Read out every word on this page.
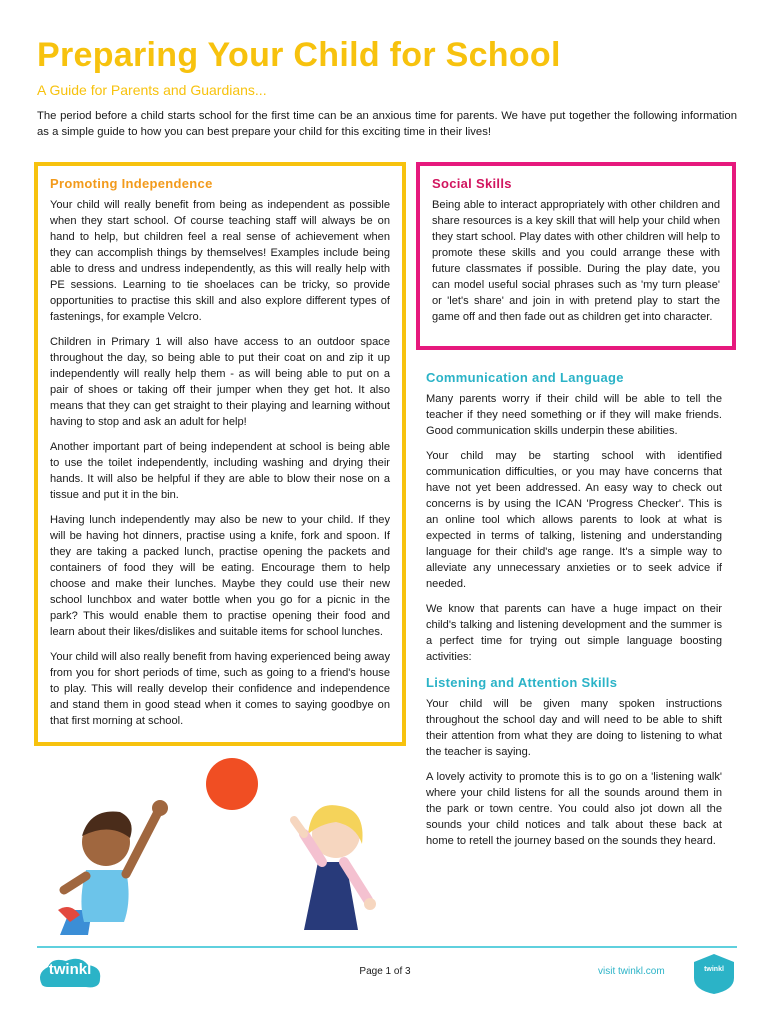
Preparing Your Child for School

A Guide for Parents and Guardians...

The period before a child starts school for the first time can be an anxious time for parents. We have put together the following information as a simple guide to how you can best prepare your child for this exciting time in their lives!

Promoting Independence

Your child will really benefit from being as independent as possible when they start school. Of course teaching staff will always be on hand to help, but children feel a real sense of achievement when they can accomplish things by themselves! Examples include being able to dress and undress independently, as this will really help with PE sessions. Learning to tie shoelaces can be tricky, so provide opportunities to practise this skill and also explore different types of fastenings, for example Velcro.

Children in Primary 1 will also have access to an outdoor space throughout the day, so being able to put their coat on and zip it up independently will really help them - as will being able to put on a pair of shoes or taking off their jumper when they get hot. It also means that they can get straight to their playing and learning without having to stop and ask an adult for help!

Another important part of being independent at school is being able to use the toilet independently, including washing and drying their hands. It will also be helpful if they are able to blow their nose on a tissue and put it in the bin.

Having lunch independently may also be new to your child. If they will be having hot dinners, practise using a knife, fork and spoon. If they are taking a packed lunch, practise opening the packets and containers of food they will be eating. Encourage them to help choose and make their lunches. Maybe they could use their new school lunchbox and water bottle when you go for a picnic in the park? This would enable them to practise opening their food and learn about their likes/dislikes and suitable items for school lunches.

Your child will also really benefit from having experienced being away from you for short periods of time, such as going to a friend's house to play. This will really develop their confidence and independence and stand them in good stead when it comes to saying goodbye on that first morning at school.

Social Skills

Being able to interact appropriately with other children and share resources is a key skill that will help your child when they start school. Play dates with other children will help to promote these skills and you could arrange these with future classmates if possible. During the play date, you can model useful social phrases such as 'my turn please' or 'let's share' and join in with pretend play to start the game off and then fade out as children get into character.

Communication and Language

Many parents worry if their child will be able to tell the teacher if they need something or if they will make friends. Good communication skills underpin these abilities.

Your child may be starting school with identified communication difficulties, or you may have concerns that have not yet been addressed. An easy way to check out concerns is by using the ICAN 'Progress Checker'. This is an online tool which allows parents to look at what is expected in terms of talking, listening and understanding language for their child's age range. It's a simple way to alleviate any unnecessary anxieties or to seek advice if needed.

We know that parents can have a huge impact on their child's talking and listening development and the summer is a perfect time for trying out simple language boosting activities:

Listening and Attention Skills

Your child will be given many spoken instructions throughout the school day and will need to be able to shift their attention from what they are doing to listening to what the teacher is saying.

A lovely activity to promote this is to go on a 'listening walk' where your child listens for all the sounds around them in the park or town centre. You could also jot down all the sounds your child notices and talk about these back at home to retell the journey based on the sounds they heard.

twinkl	Page 1 of 3	visit twinkl.com	twinkl
